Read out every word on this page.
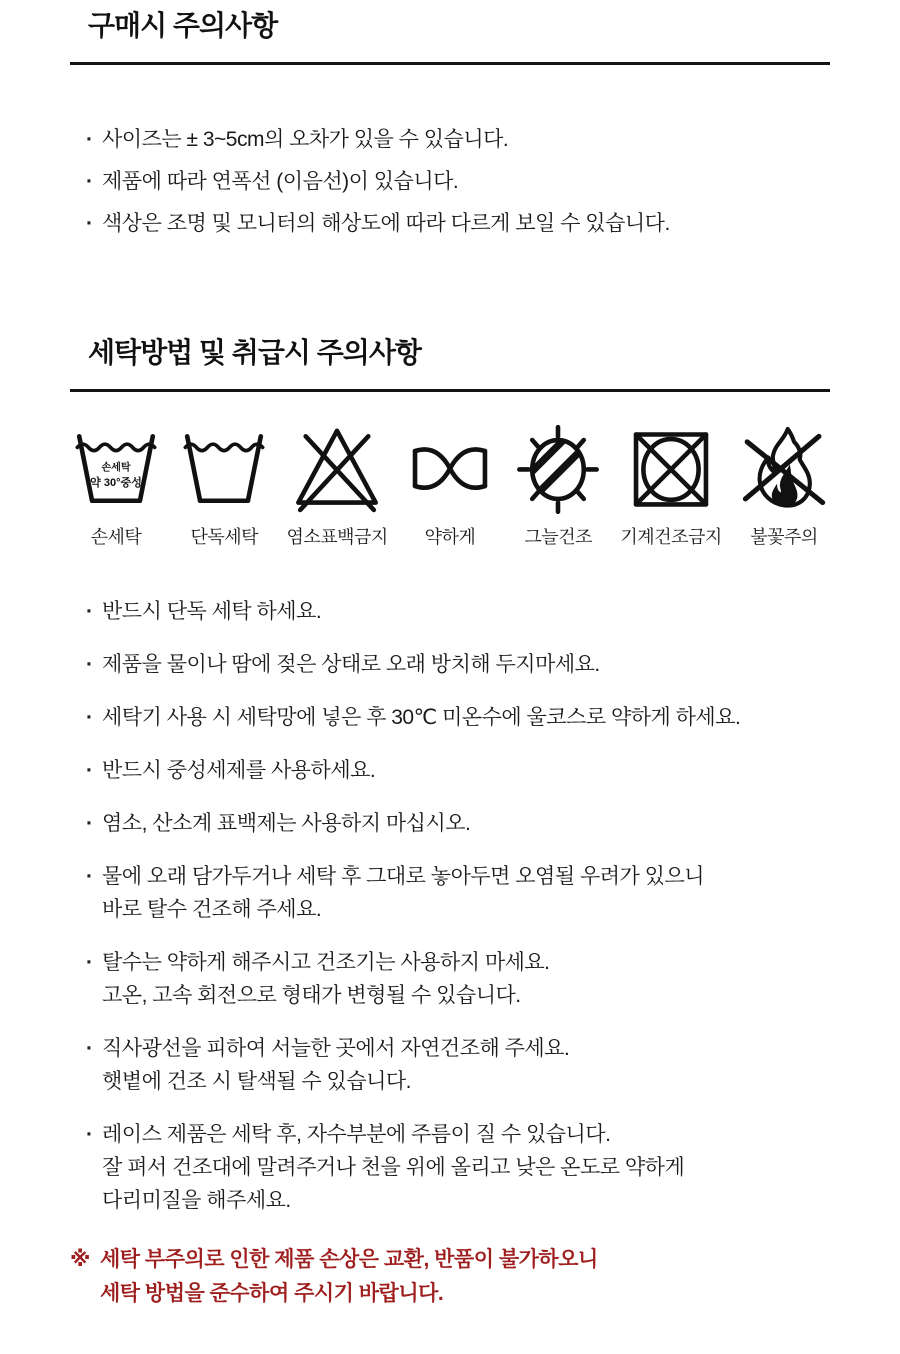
구매시 주의사항
· 사이즈는 ± 3~5cm의 오차가 있을 수 있습니다.
· 제품에 따라 연폭선 (이음선)이 있습니다.
· 색상은 조명 및 모니터의 해상도에 따라 다르게 보일 수 있습니다.
세탁방법 및 취급시 주의사항
손세탁
약 30°중성
손세탁	단독세탁 염소표백금지 약하게	그늘건조 기계건조금지 불꽃주의
· 반드시 단독 세탁 하세요.
· 제품을 물이나 땀에 젖은 상태로 오래 방치해 두지마세요.
· 세탁기 사용 시 세탁망에 넣은 후 30℃ 미온수에 울코스로 약하게 하세요.
· 반드시 중성세제를 사용하세요.
· 염소, 산소계 표백제는 사용하지 마십시오.
· 물에 오래 담가두거나 세탁 후 그대로 놓아두면 오염될 우려가 있으니
바로 탈수 건조해 주세요.
· 탈수는 약하게 해주시고 건조기는 사용하지 마세요.
고온, 고속 회전으로 형태가 변형될 수 있습니다.
· 직사광선을 피하여 서늘한 곳에서 자연건조해 주세요.
햇볕에 건조 시 탈색될 수 있습니다.
· 레이스 제품은 세탁 후, 자수부분에 주름이 질 수 있습니다.
잘 펴서 건조대에 말려주거나 천을 위에 올리고 낮은 온도로 약하게
다리미질을 해주세요.
※ 세탁 부주의로 인한 제품 손상은 교환, 반품이 불가하오니
세탁 방법을 준수하여 주시기 바랍니다.
